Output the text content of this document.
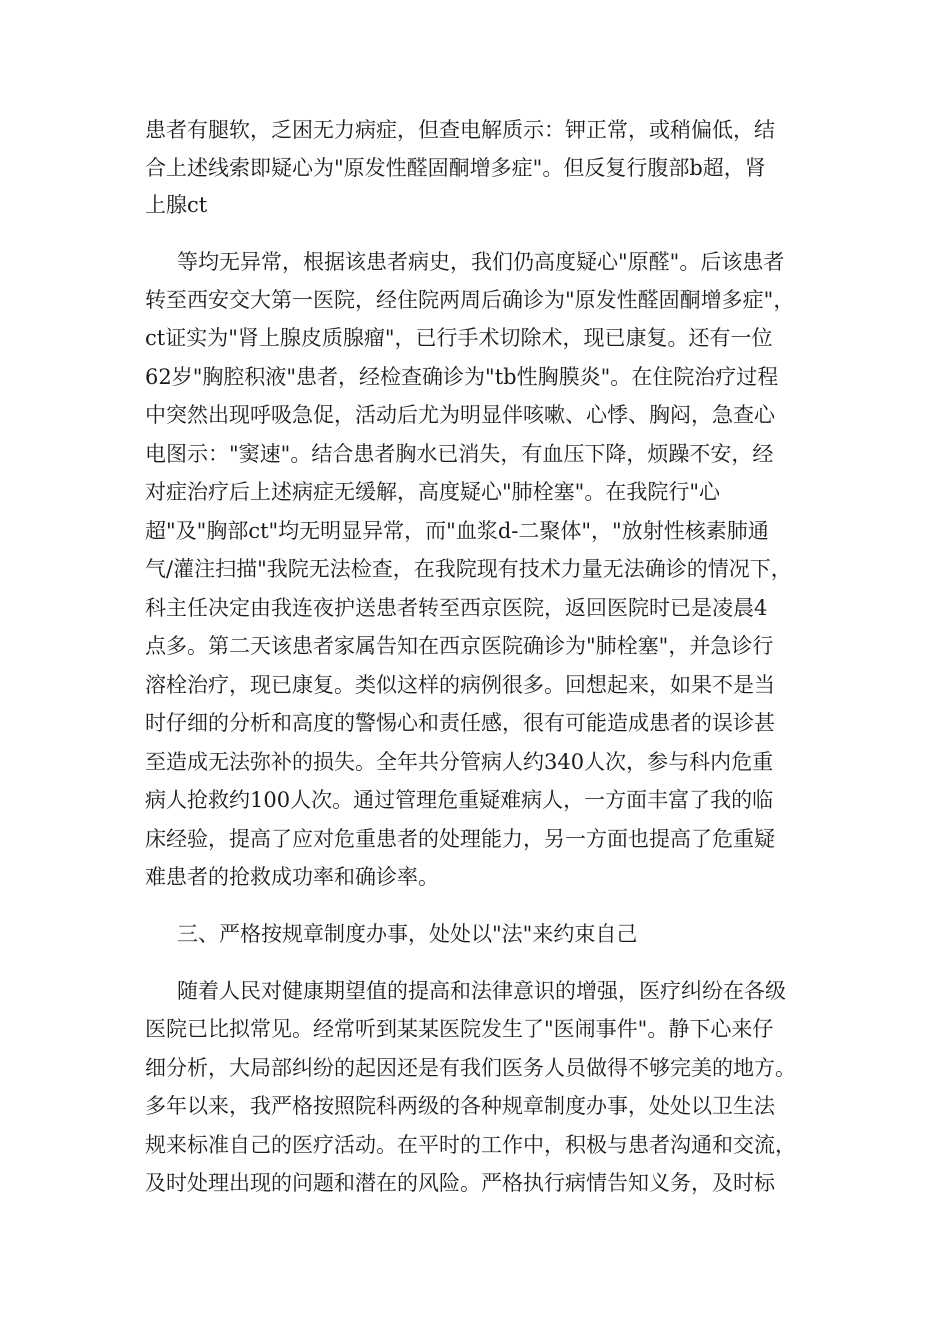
患者有腿软，乏困无力病症，但查电解质示：钾正常，或稍偏低，结
合上述线索即疑心为"原发性醛固酮增多症"。但反复行腹部b超，肾
上腺ct
等均无异常，根据该患者病史，我们仍高度疑心"原醛"。后该患者
转至西安交大第一医院，经住院两周后确诊为"原发性醛固酮增多症"，
ct证实为"肾上腺皮质腺瘤"，已行手术切除术，现已康复。还有一位
62岁"胸腔积液"患者，经检查确诊为"tb性胸膜炎"。在住院治疗过程
中突然出现呼吸急促，活动后尤为明显伴咳嗽、心悸、胸闷，急查心
电图示："窦速"。结合患者胸水已消失，有血压下降，烦躁不安，经
对症治疗后上述病症无缓解，高度疑心"肺栓塞"。在我院行"心
超"及"胸部ct"均无明显异常，而"血浆d-二聚体"，"放射性核素肺通
气/灌注扫描"我院无法检查，在我院现有技术力量无法确诊的情况下，
科主任决定由我连夜护送患者转至西京医院，返回医院时已是凌晨4
点多。第二天该患者家属告知在西京医院确诊为"肺栓塞"，并急诊行
溶栓治疗，现已康复。类似这样的病例很多。回想起来，如果不是当
时仔细的分析和高度的警惕心和责任感，很有可能造成患者的误诊甚
至造成无法弥补的损失。全年共分管病人约340人次，参与科内危重
病人抢救约100人次。通过管理危重疑难病人，一方面丰富了我的临
床经验，提高了应对危重患者的处理能力，另一方面也提高了危重疑
难患者的抢救成功率和确诊率。
三、严格按规章制度办事，处处以"法"来约束自己
随着人民对健康期望值的提高和法律意识的增强，医疗纠纷在各级
医院已比拟常见。经常听到某某医院发生了"医闹事件"。静下心来仔
细分析，大局部纠纷的起因还是有我们医务人员做得不够完美的地方。
多年以来，我严格按照院科两级的各种规章制度办事，处处以卫生法
规来标准自己的医疗活动。在平时的工作中，积极与患者沟通和交流，
及时处理出现的问题和潜在的风险。严格执行病情告知义务，及时标
